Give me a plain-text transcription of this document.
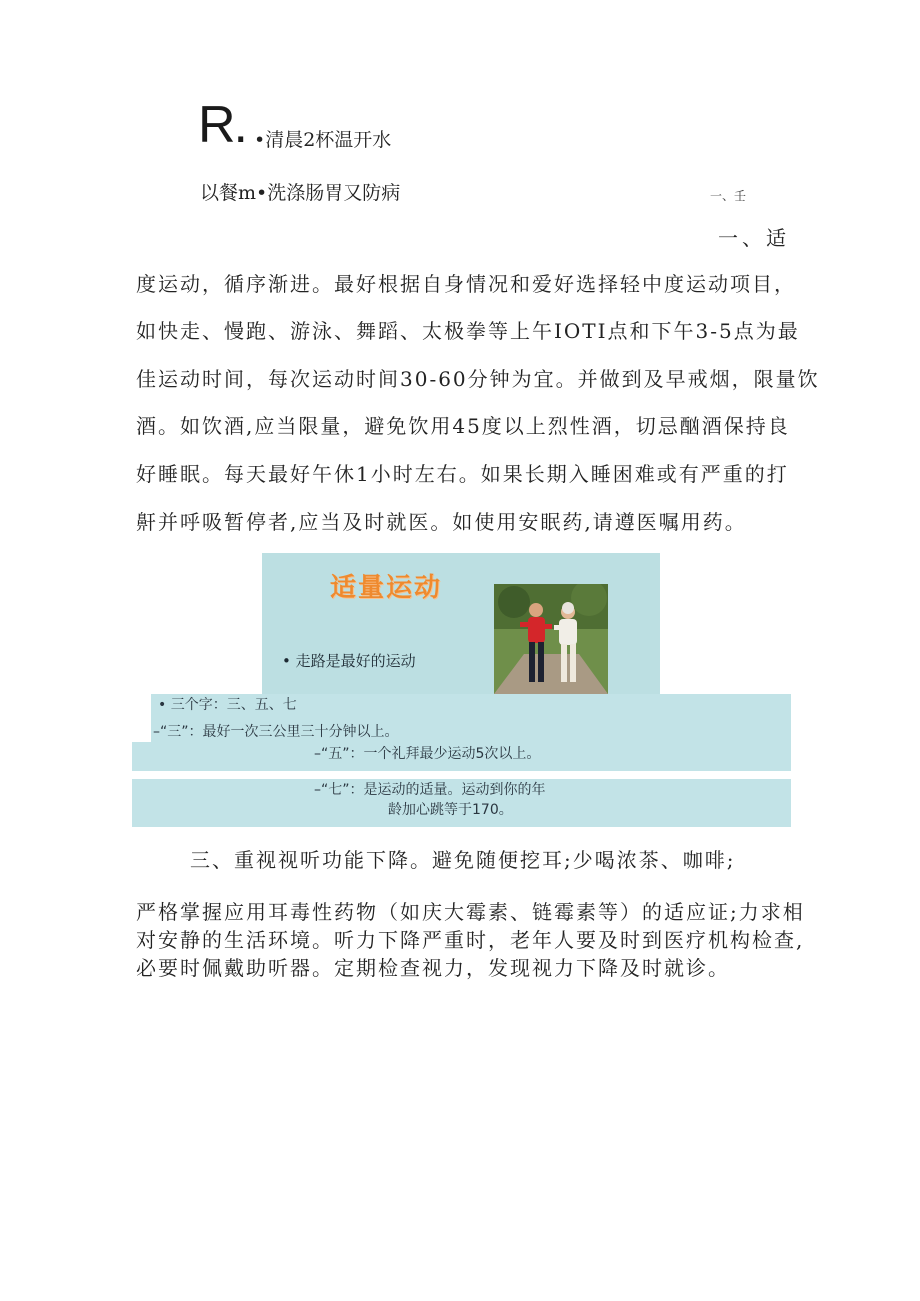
R. •清晨2杯温开水
以餐m•洗涤肠胃又防病	一、壬
一、适
度运动，循序渐进。最好根据自身情况和爱好选择轻中度运动项目，
如快走、慢跑、游泳、舞蹈、太极拳等上午IOTI点和下午3-5点为最
佳运动时间，每次运动时间30-60分钟为宜。并做到及早戒烟，限量饮
酒。如饮酒,应当限量，避免饮用45度以上烈性酒，切忌酗酒保持良
好睡眠。每天最好午休1小时左右。如果长期入睡困难或有严重的打
鼾并呼吸暂停者,应当及时就医。如使用安眠药,请遵医嘱用药。
适量运动
• 走路是最好的运动
• 三个字：三、五、七
–“三”：最好一次三公里三十分钟以上。
–“五”：一个礼拜最少运动5次以上。
–“七”：是运动的适量。运动到你的年
龄加心跳等于170。
三、重视视听功能下降。避免随便挖耳;少喝浓茶、咖啡;
严格掌握应用耳毒性药物（如庆大霉素、链霉素等）的适应证;力求相
对安静的生活环境。听力下降严重时，老年人要及时到医疗机构检查,
必要时佩戴助听器。定期检查视力，发现视力下降及时就诊。
